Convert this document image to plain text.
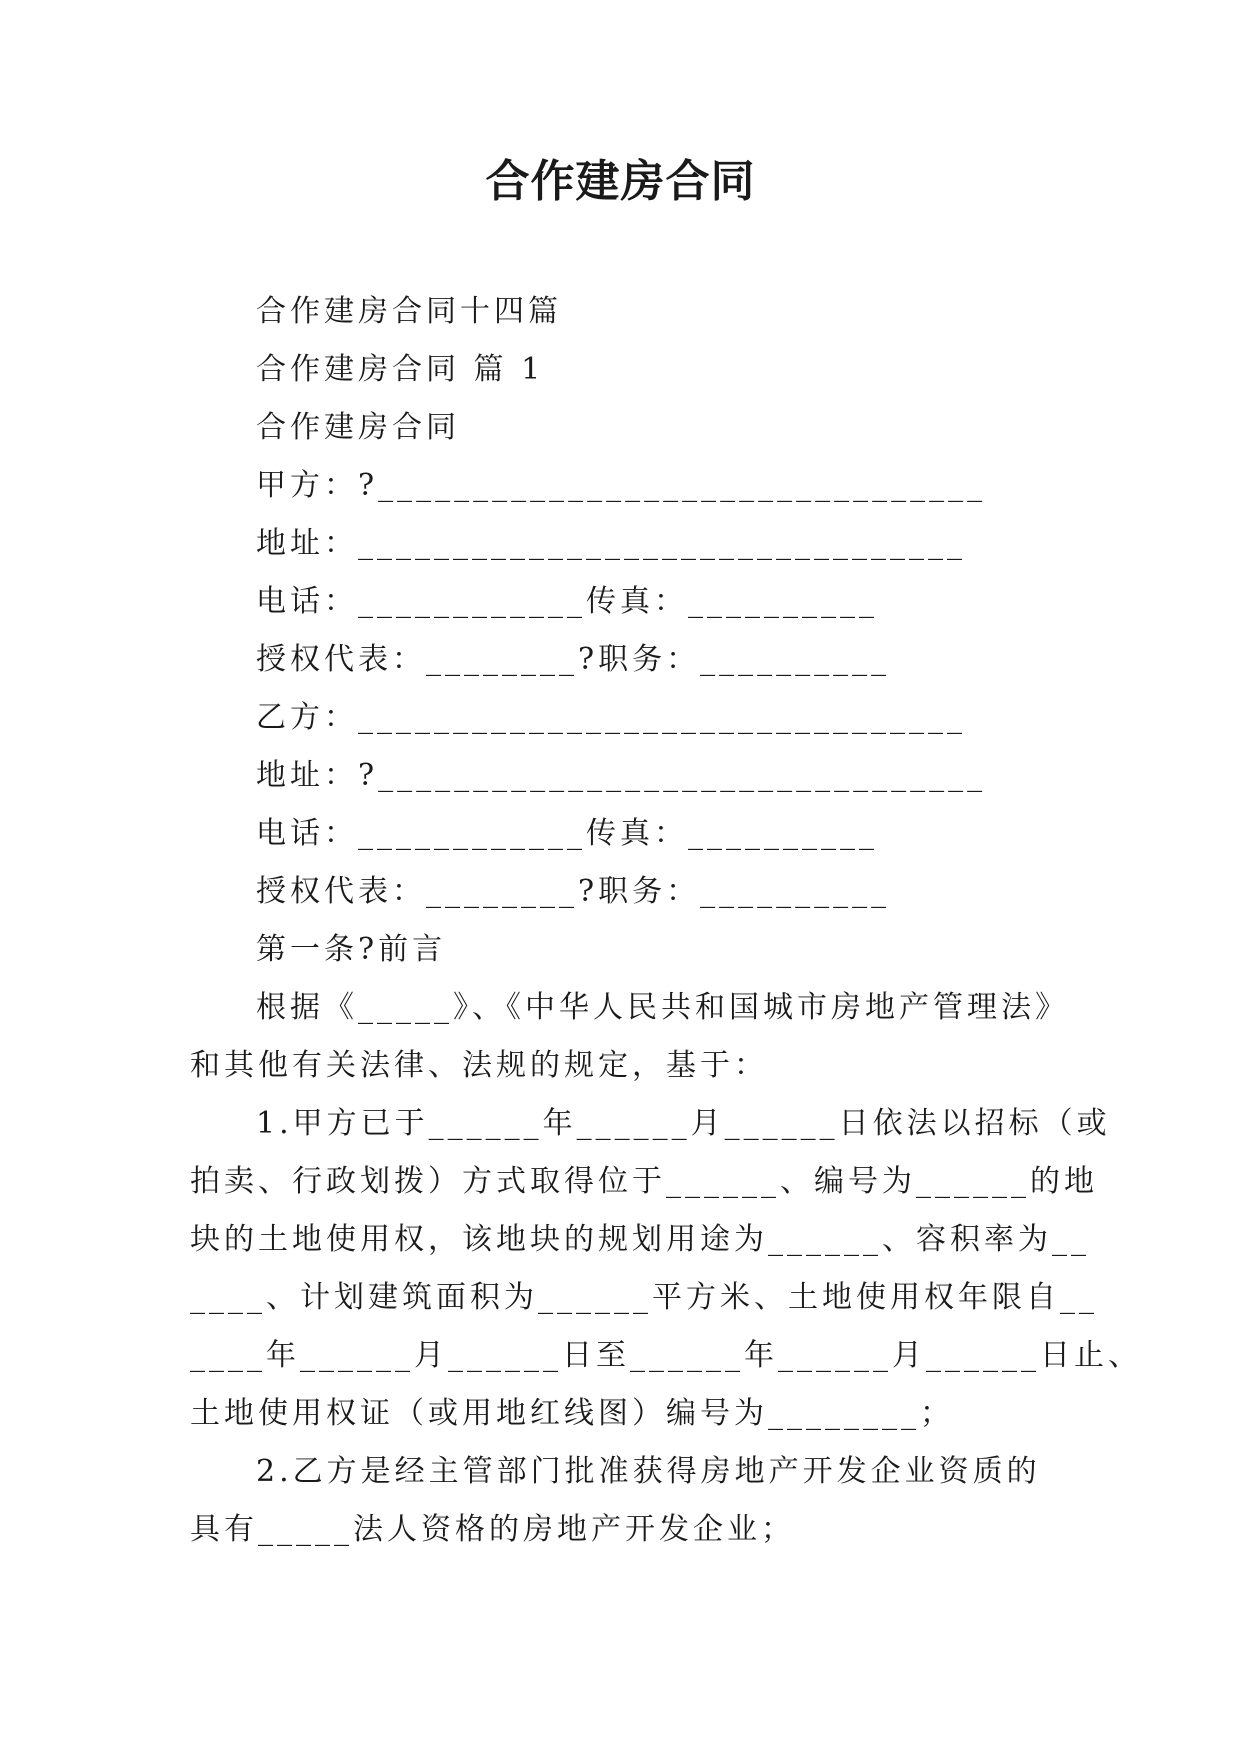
合作建房合同
合作建房合同十四篇
合作建房合同 篇 1
合作建房合同
甲方：?________________________________
地址：________________________________
电话：____________传真：__________
授权代表：________?职务：__________
乙方：________________________________
地址：?________________________________
电话：____________传真：__________
授权代表：________?职务：__________
第一条?前言
根据《_____》、《中华人民共和国城市房地产管理法》
和其他有关法律、法规的规定，基于：
1.甲方已于______年______月______日依法以招标（或
拍卖、行政划拨）方式取得位于______、编号为______的地
块的土地使用权，该地块的规划用途为______、容积率为__
____、计划建筑面积为______平方米、土地使用权年限自__
____年______月______日至______年______月______日止、
土地使用权证（或用地红线图）编号为________；
2.乙方是经主管部门批准获得房地产开发企业资质的
具有_____法人资格的房地产开发企业；
